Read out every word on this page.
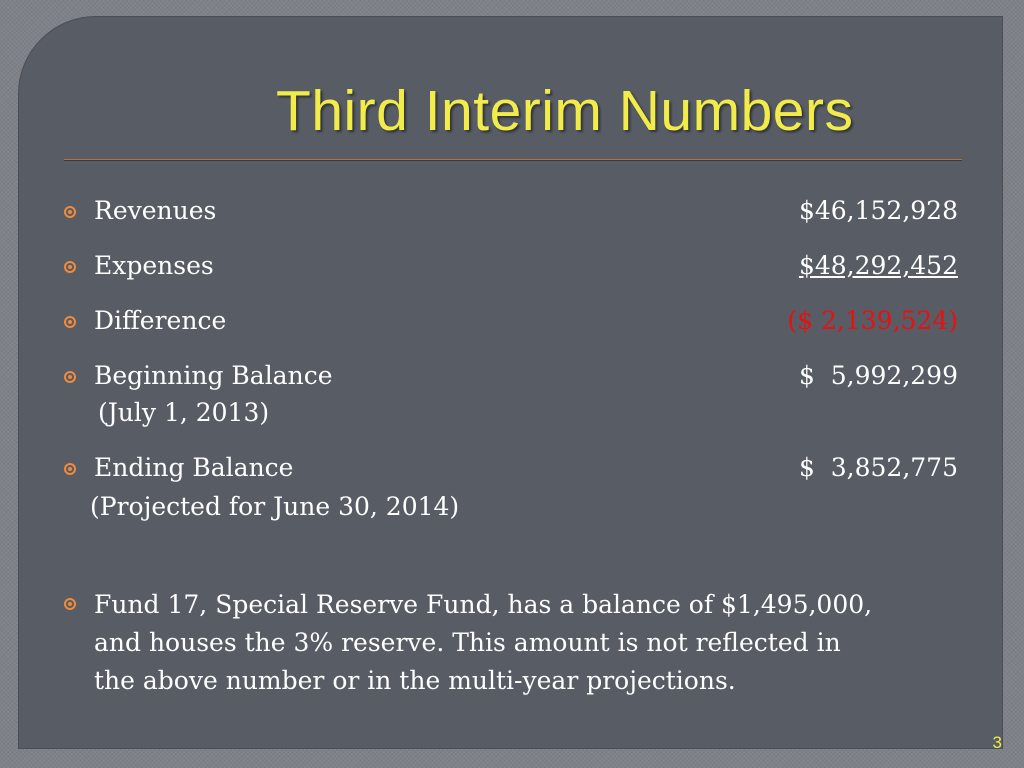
Third Interim Numbers
Revenues	$46,152,928
Expenses	$48,292,452
Difference	($ 2,139,524)
Beginning Balance	$  5,992,299
(July 1, 2013)
Ending Balance	$  3,852,775
(Projected for June 30, 2014)
Fund 17, Special Reserve Fund, has a balance of $1,495,000,
and houses the 3% reserve. This amount is not reflected in
the above number or in the multi-year projections.
3
